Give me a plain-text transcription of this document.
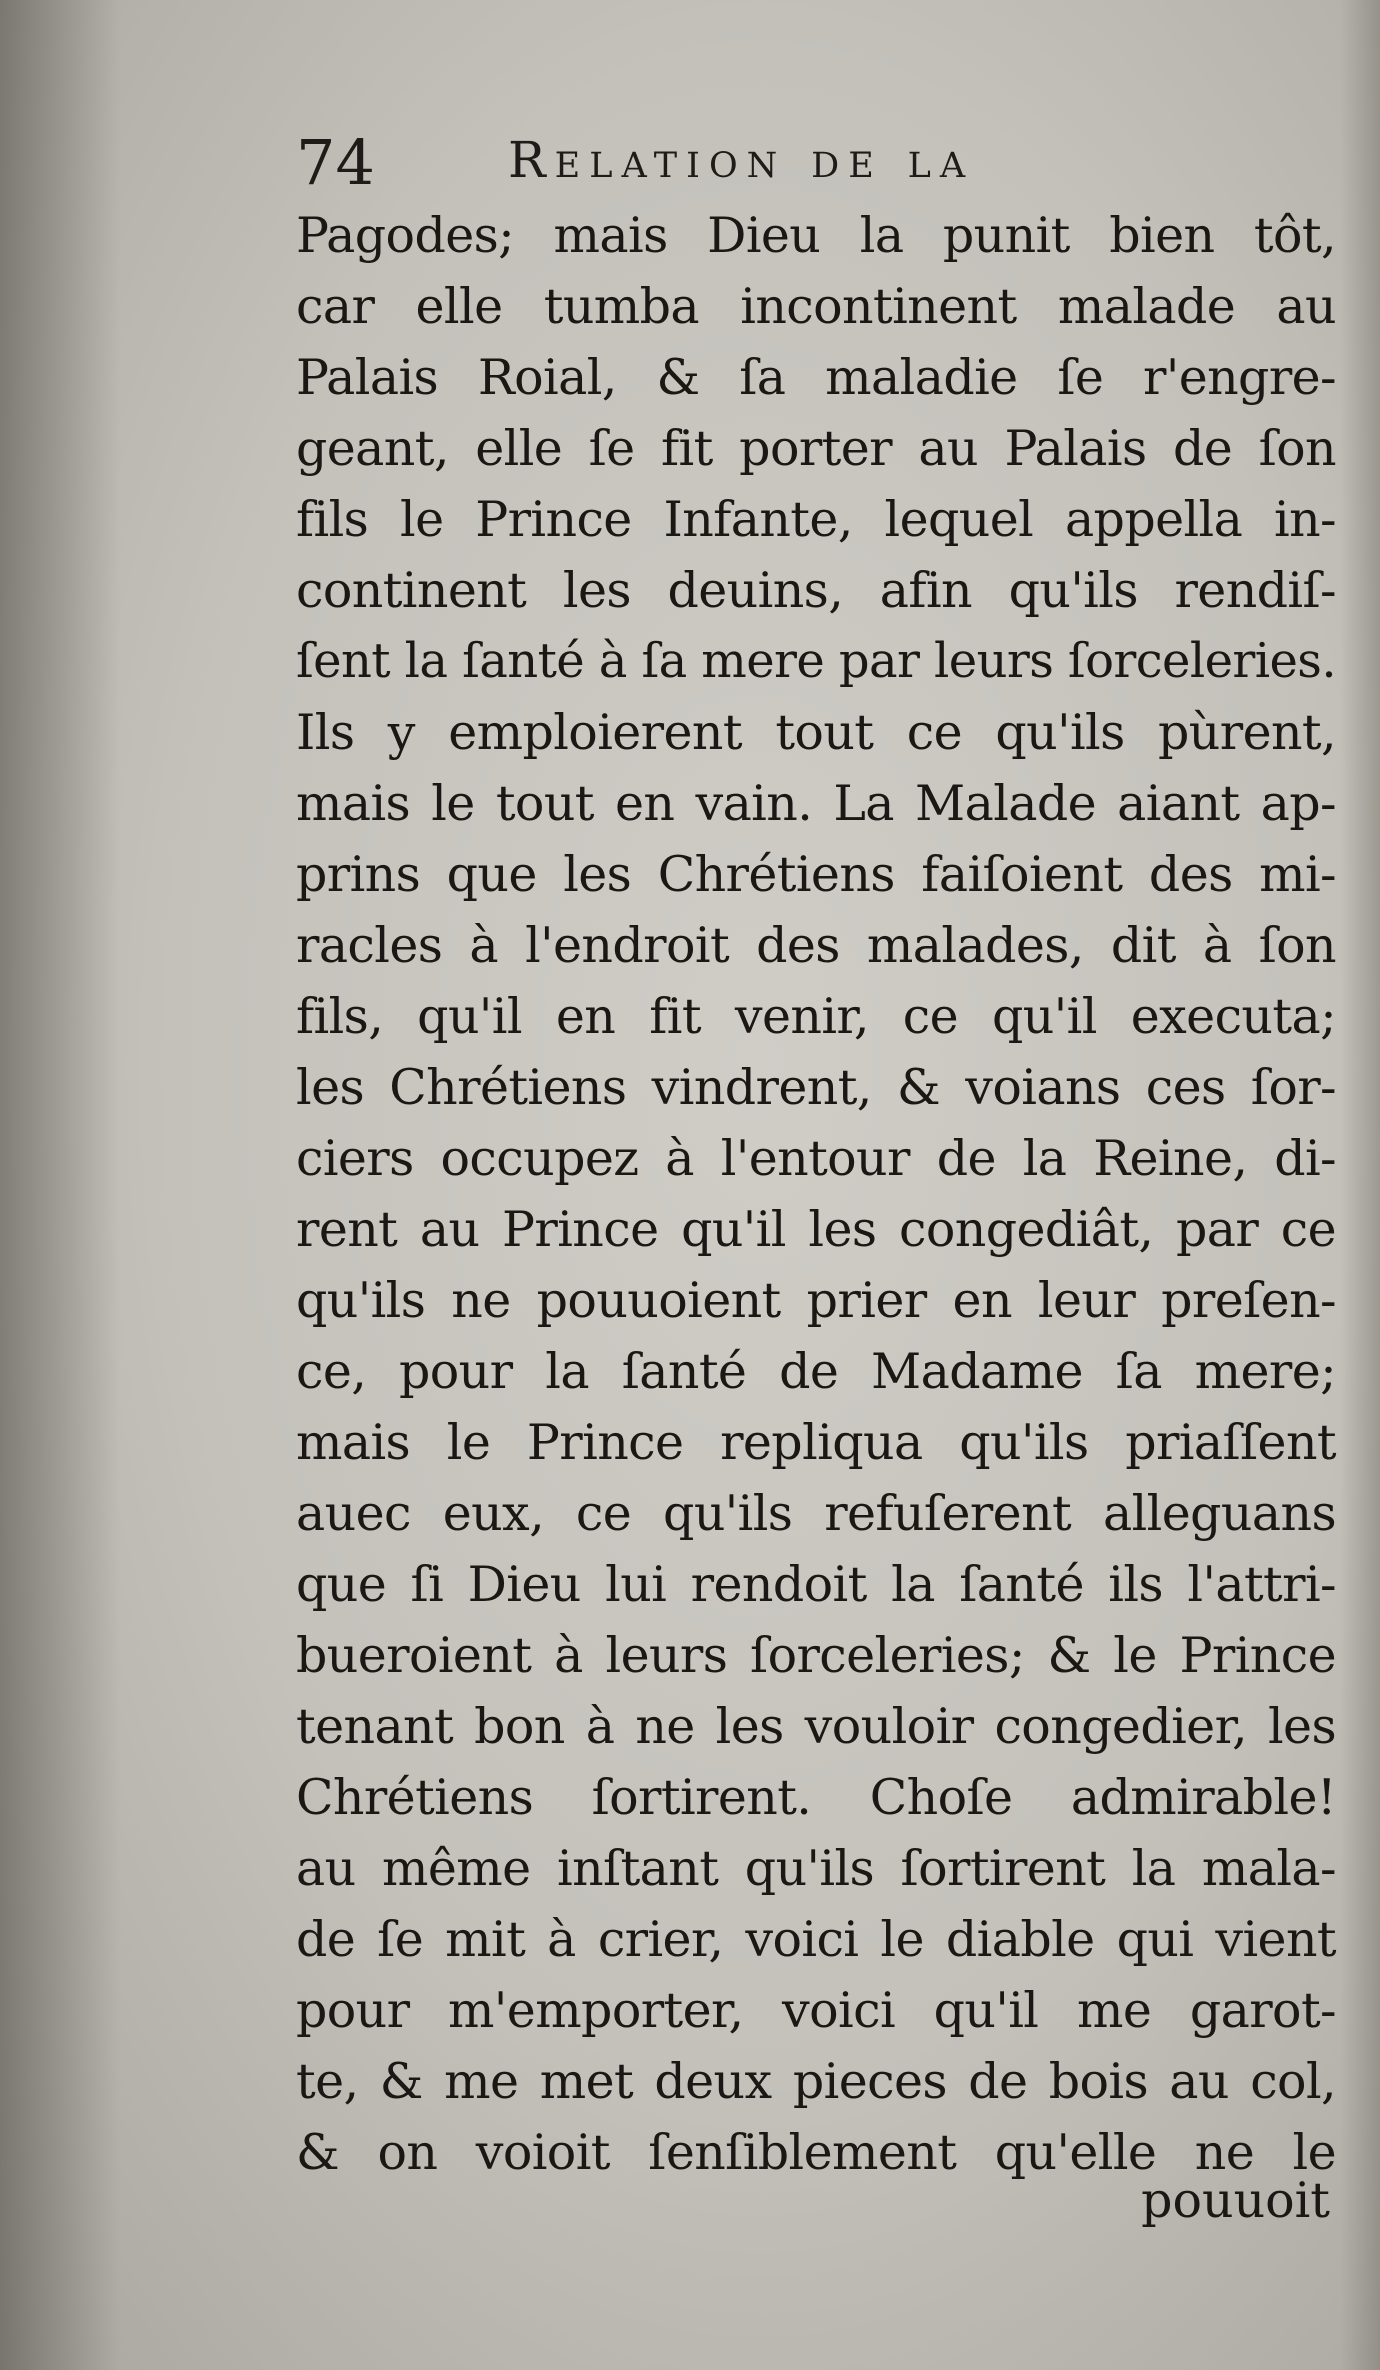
74	Relation de la
Pagodes; mais Dieu la punit bien tôt,
car elle tumba incontinent malade au
Palais Roial, & ſa maladie ſe r'engre-
geant, elle ſe fit porter au Palais de ſon
fils le Prince Infante, lequel appella in-
continent les deuins, afin qu'ils rendiſ-
ſent la ſanté à ſa mere par leurs ſorceleries.
Ils y emploierent tout ce qu'ils pùrent,
mais le tout en vain. La Malade aiant ap-
prins que les Chrétiens faiſoient des mi-
racles à l'endroit des malades, dit à ſon
fils, qu'il en fit venir, ce qu'il executa;
les Chrétiens vindrent, & voians ces ſor-
ciers occupez à l'entour de la Reine, di-
rent au Prince qu'il les congediât, par ce
qu'ils ne pouuoient prier en leur preſen-
ce, pour la ſanté de Madame ſa mere;
mais le Prince repliqua qu'ils priaſſent
auec eux, ce qu'ils refuſerent alleguans
que ſi Dieu lui rendoit la ſanté ils l'attri-
bueroient à leurs ſorceleries; & le Prince
tenant bon à ne les vouloir congedier, les
Chrétiens ſortirent. Choſe admirable!
au même inſtant qu'ils ſortirent la mala-
de ſe mit à crier, voici le diable qui vient
pour m'emporter, voici qu'il me garot-
te, & me met deux pieces de bois au col,
& on voioit ſenſiblement qu'elle ne le
pouuoit
